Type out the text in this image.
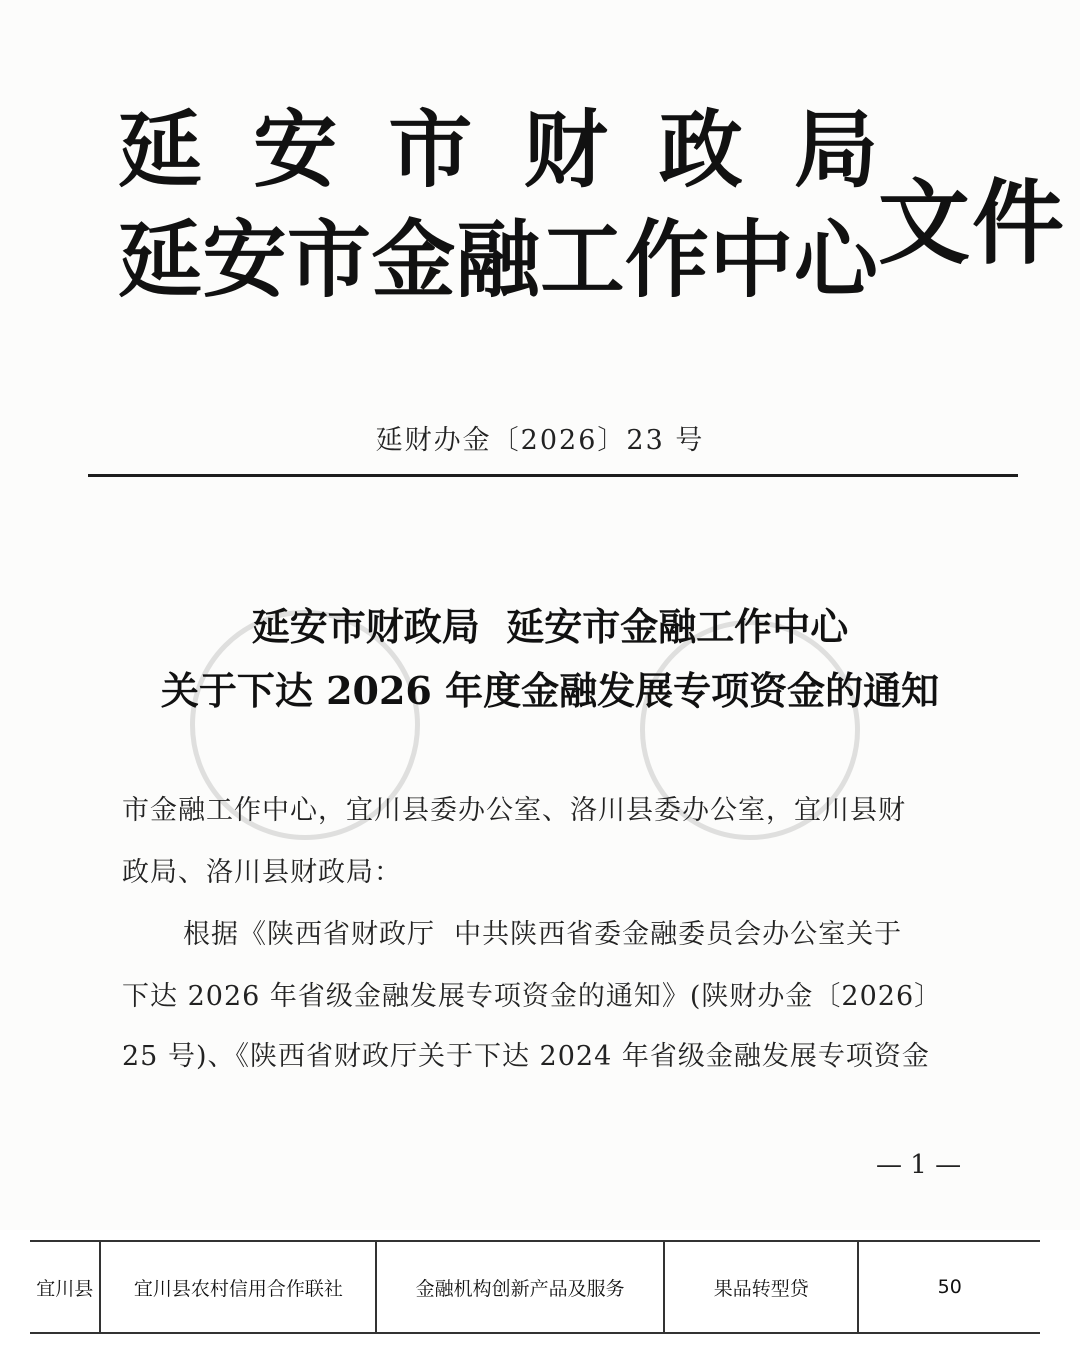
延 安 市 财 政 局
延 安 市 金 融 工 作 中 心 文件
延财办金〔2026〕23 号
延安市财政局  延安市金融工作中心
关于下达 2026 年度金融发展专项资金的通知
市金融工作中心，宜川县委办公室、洛川县委办公室，宜川县财
政局、洛川县财政局：
根据《陕西省财政厅  中共陕西省委金融委员会办公室关于
下达 2026 年省级金融发展专项资金的通知》(陕财办金〔2026〕
25 号)、《陕西省财政厅关于下达 2024 年省级金融发展专项资金
— 1 —
宜川县	宜川县农村信用合作联社	金融机构创新产品及服务	果品转型贷	50
